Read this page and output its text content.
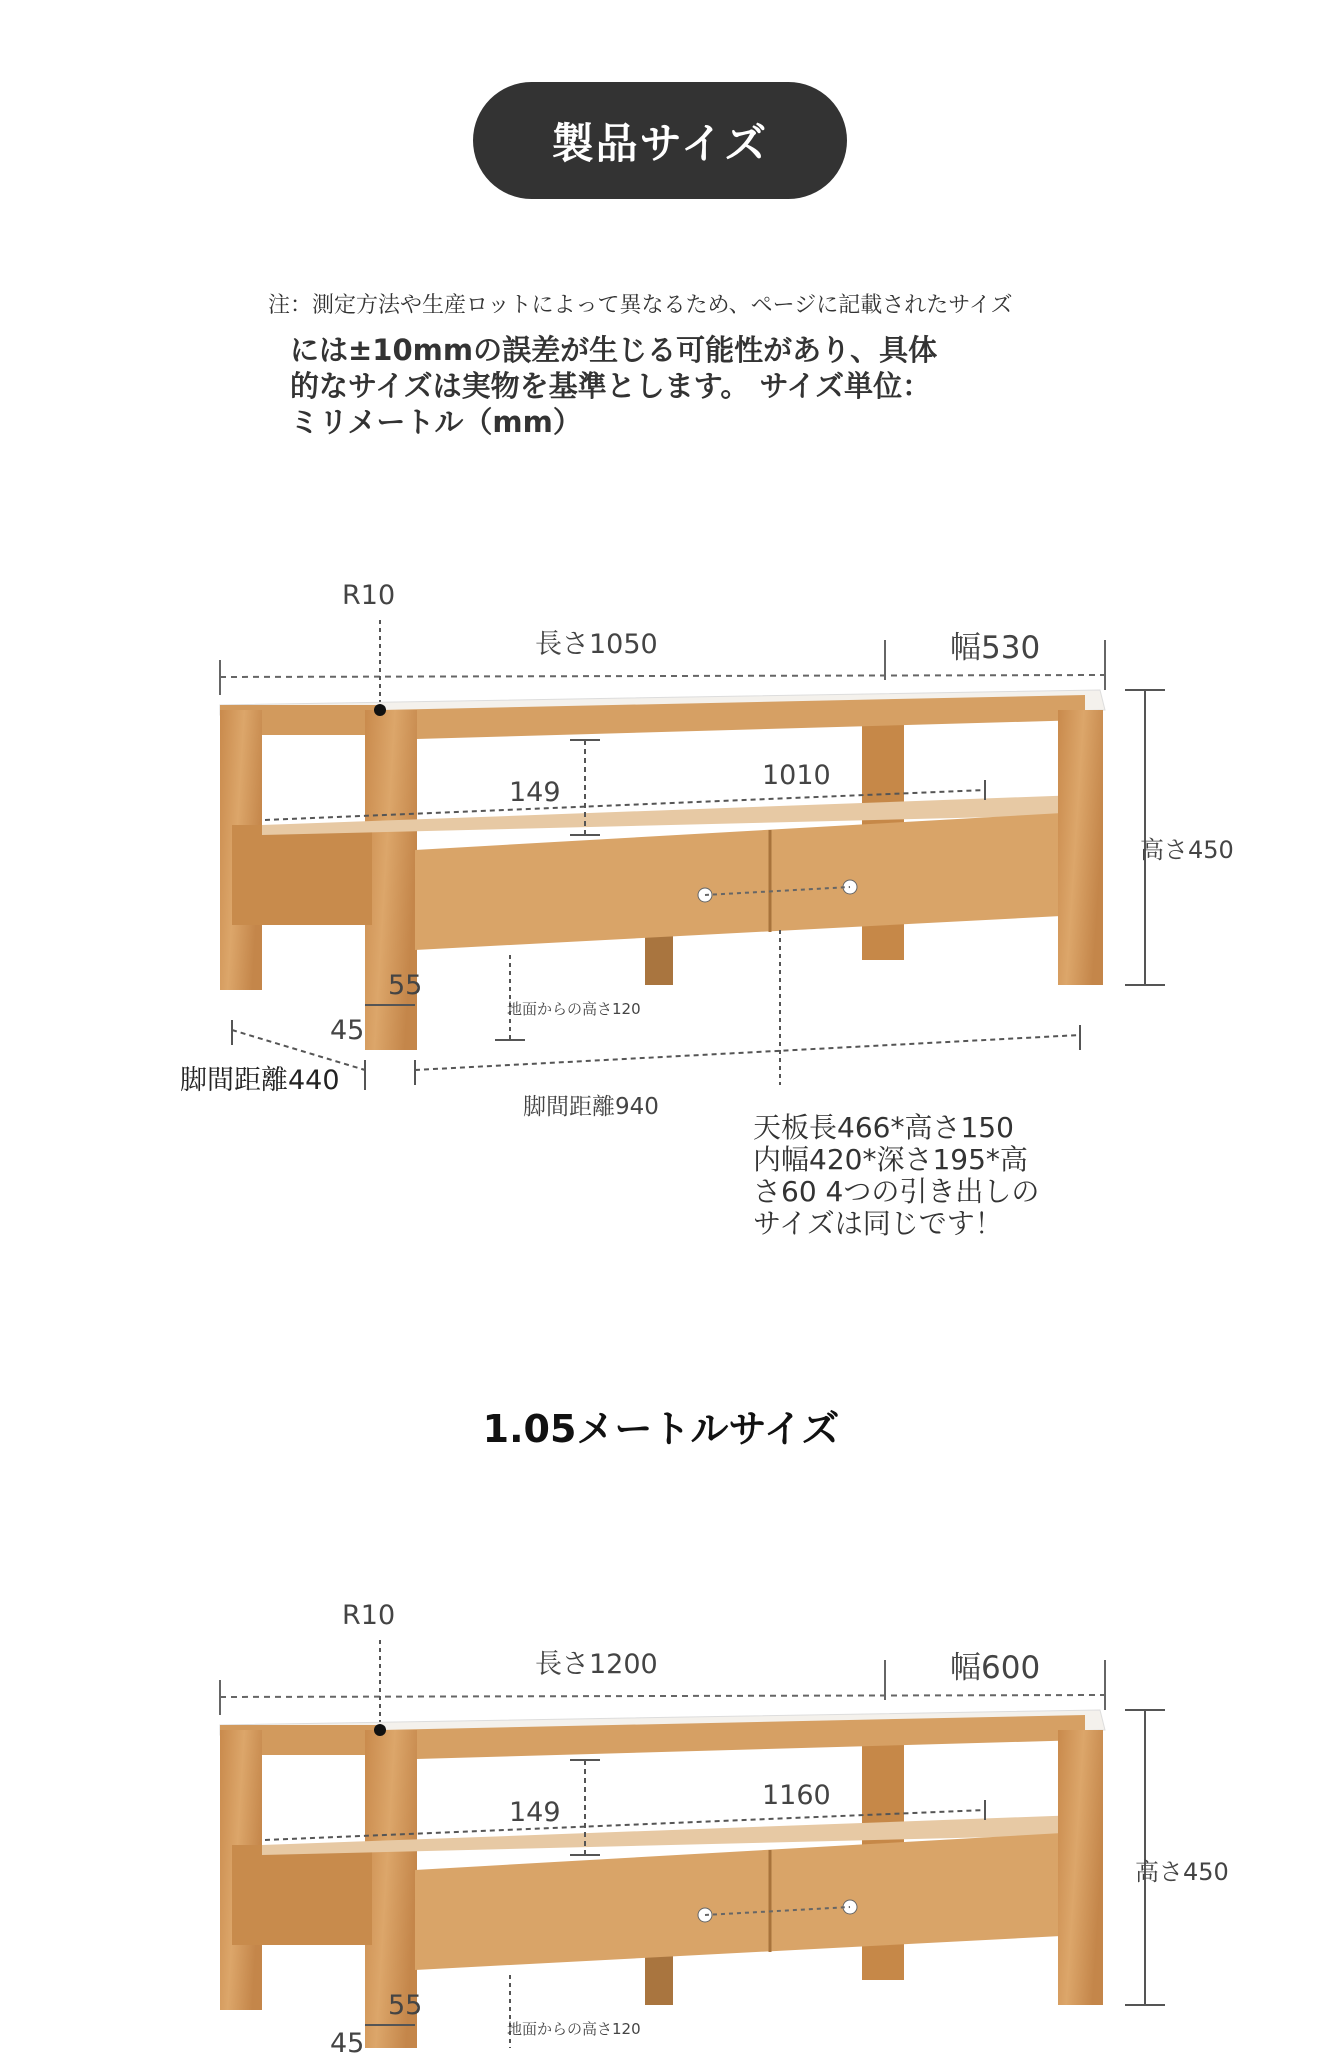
製品サイズ
注：測定方法や生産ロットによって異なるため、ページに記載されたサイズ
には±10mmの誤差が生じる可能性があり、具体
的なサイズは実物を基準とします。 サイズ単位：
ミリメートル（mm）
R10
長さ1050	幅530
高さ450
149
1010
55
45
地面からの高さ120
脚間距離440
脚間距離940
天板長466*高さ150
内幅420*深さ195*高
さ60 4つの引き出しの
サイズは同じです！
1.05メートルサイズ
R10
長さ1200	幅600
高さ450
149
1160
55
45	地面からの高さ120
